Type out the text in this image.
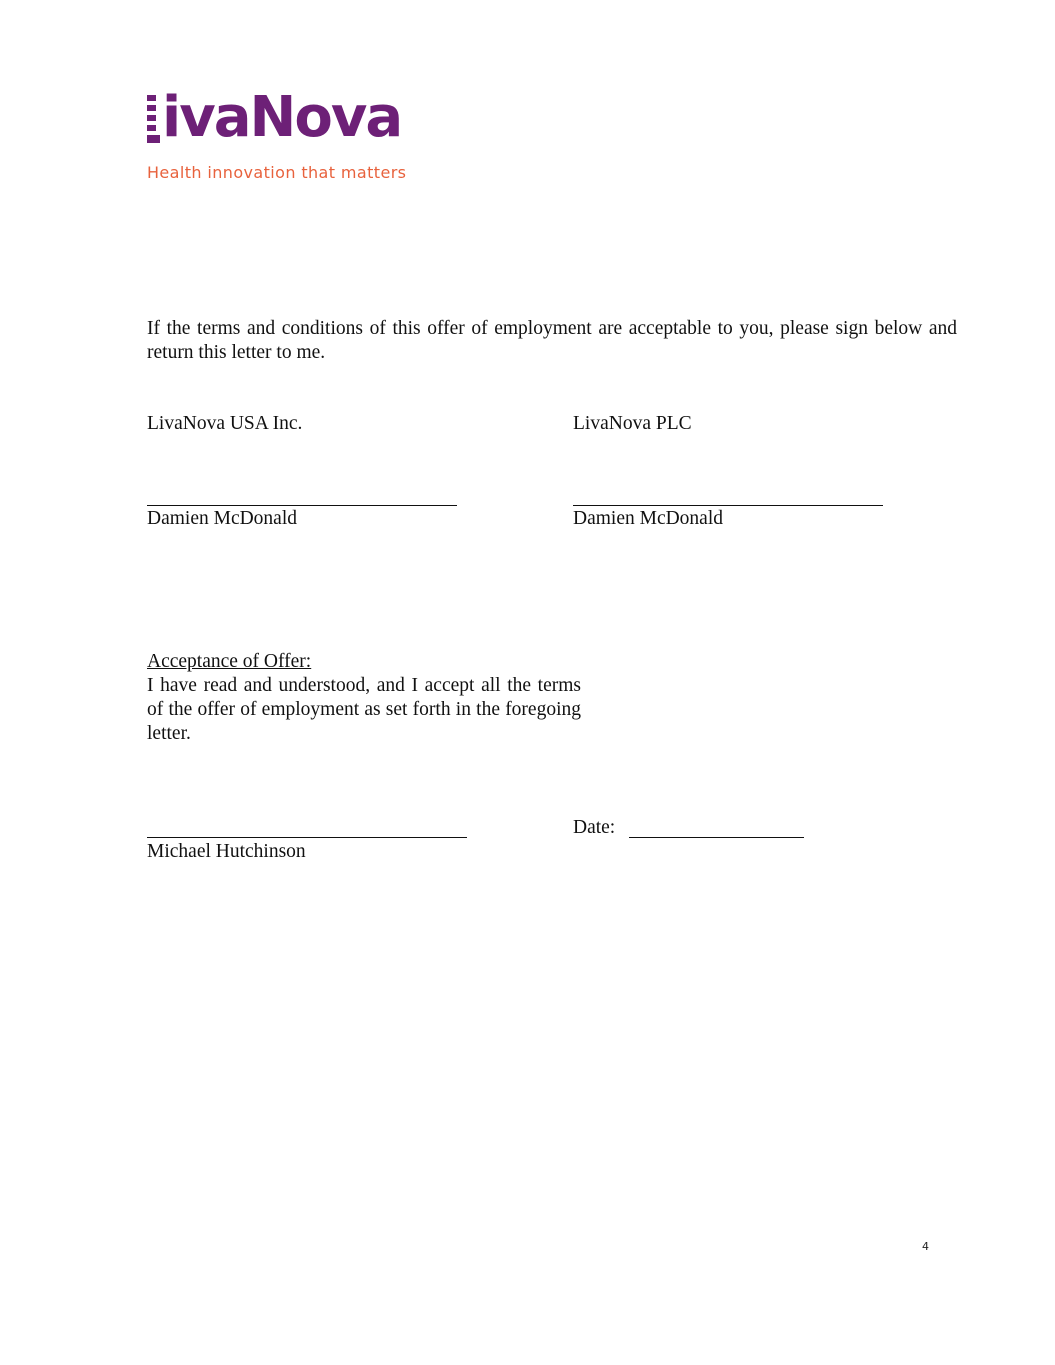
ivaNova
Health innovation that matters
If the terms and conditions of this offer of employment are acceptable to you, please sign below and return this letter to me.
LivaNova USA Inc.	LivaNova PLC
Damien McDonald	Damien McDonald
Acceptance of Offer:
I have read and understood, and I accept all the terms of the offer of employment as set forth in the foregoing letter.
Michael Hutchinson
Date:
4
